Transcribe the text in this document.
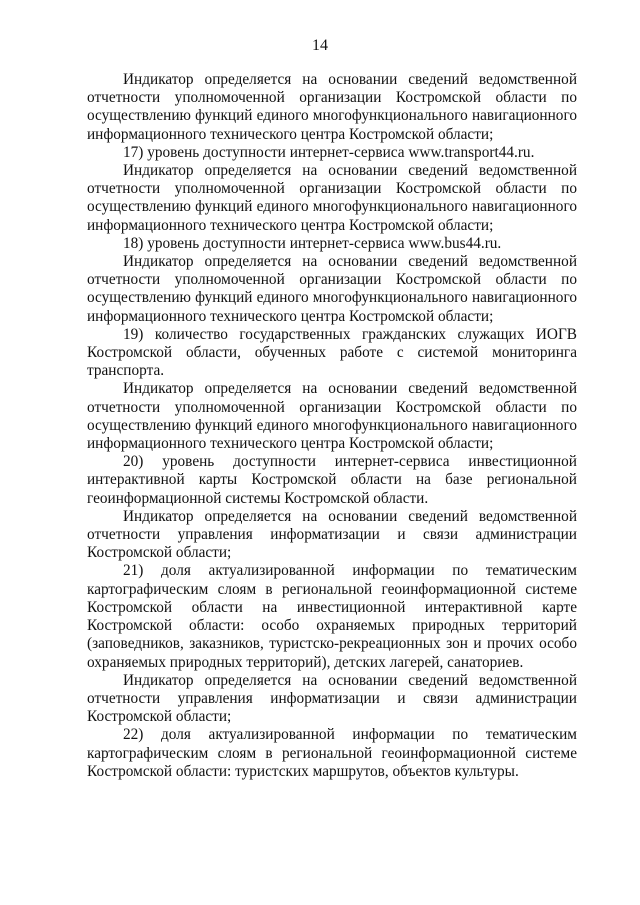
14

Индикатор определяется на основании сведений ведомственной отчетности уполномоченной организации Костромской области по осуществлению функций единого многофункционального навигационного информационного технического центра Костромской области;

17) уровень доступности интернет-сервиса www.transport44.ru.

Индикатор определяется на основании сведений ведомственной отчетности уполномоченной организации Костромской области по осуществлению функций единого многофункционального навигационного информационного технического центра Костромской области;

18) уровень доступности интернет-сервиса www.bus44.ru.

Индикатор определяется на основании сведений ведомственной отчетности уполномоченной организации Костромской области по осуществлению функций единого многофункционального навигационного информационного технического центра Костромской области;

19) количество государственных гражданских служащих ИОГВ Костромской области, обученных работе с системой мониторинга транспорта.

Индикатор определяется на основании сведений ведомственной отчетности уполномоченной организации Костромской области по осуществлению функций единого многофункционального навигационного информационного технического центра Костромской области;

20) уровень доступности интернет-сервиса инвестиционной интерактивной карты Костромской области на базе региональной геоинформационной системы Костромской области.

Индикатор определяется на основании сведений ведомственной отчетности управления информатизации и связи администрации Костромской области;

21) доля актуализированной информации по тематическим картографическим слоям в региональной геоинформационной системе Костромской области на инвестиционной интерактивной карте Костромской области: особо охраняемых природных территорий (заповедников, заказников, туристско-рекреационных зон и прочих особо охраняемых природных территорий), детских лагерей, санаториев.

Индикатор определяется на основании сведений ведомственной отчетности управления информатизации и связи администрации Костромской области;

22) доля актуализированной информации по тематическим картографическим слоям в региональной геоинформационной системе Костромской области: туристских маршрутов, объектов культуры.
